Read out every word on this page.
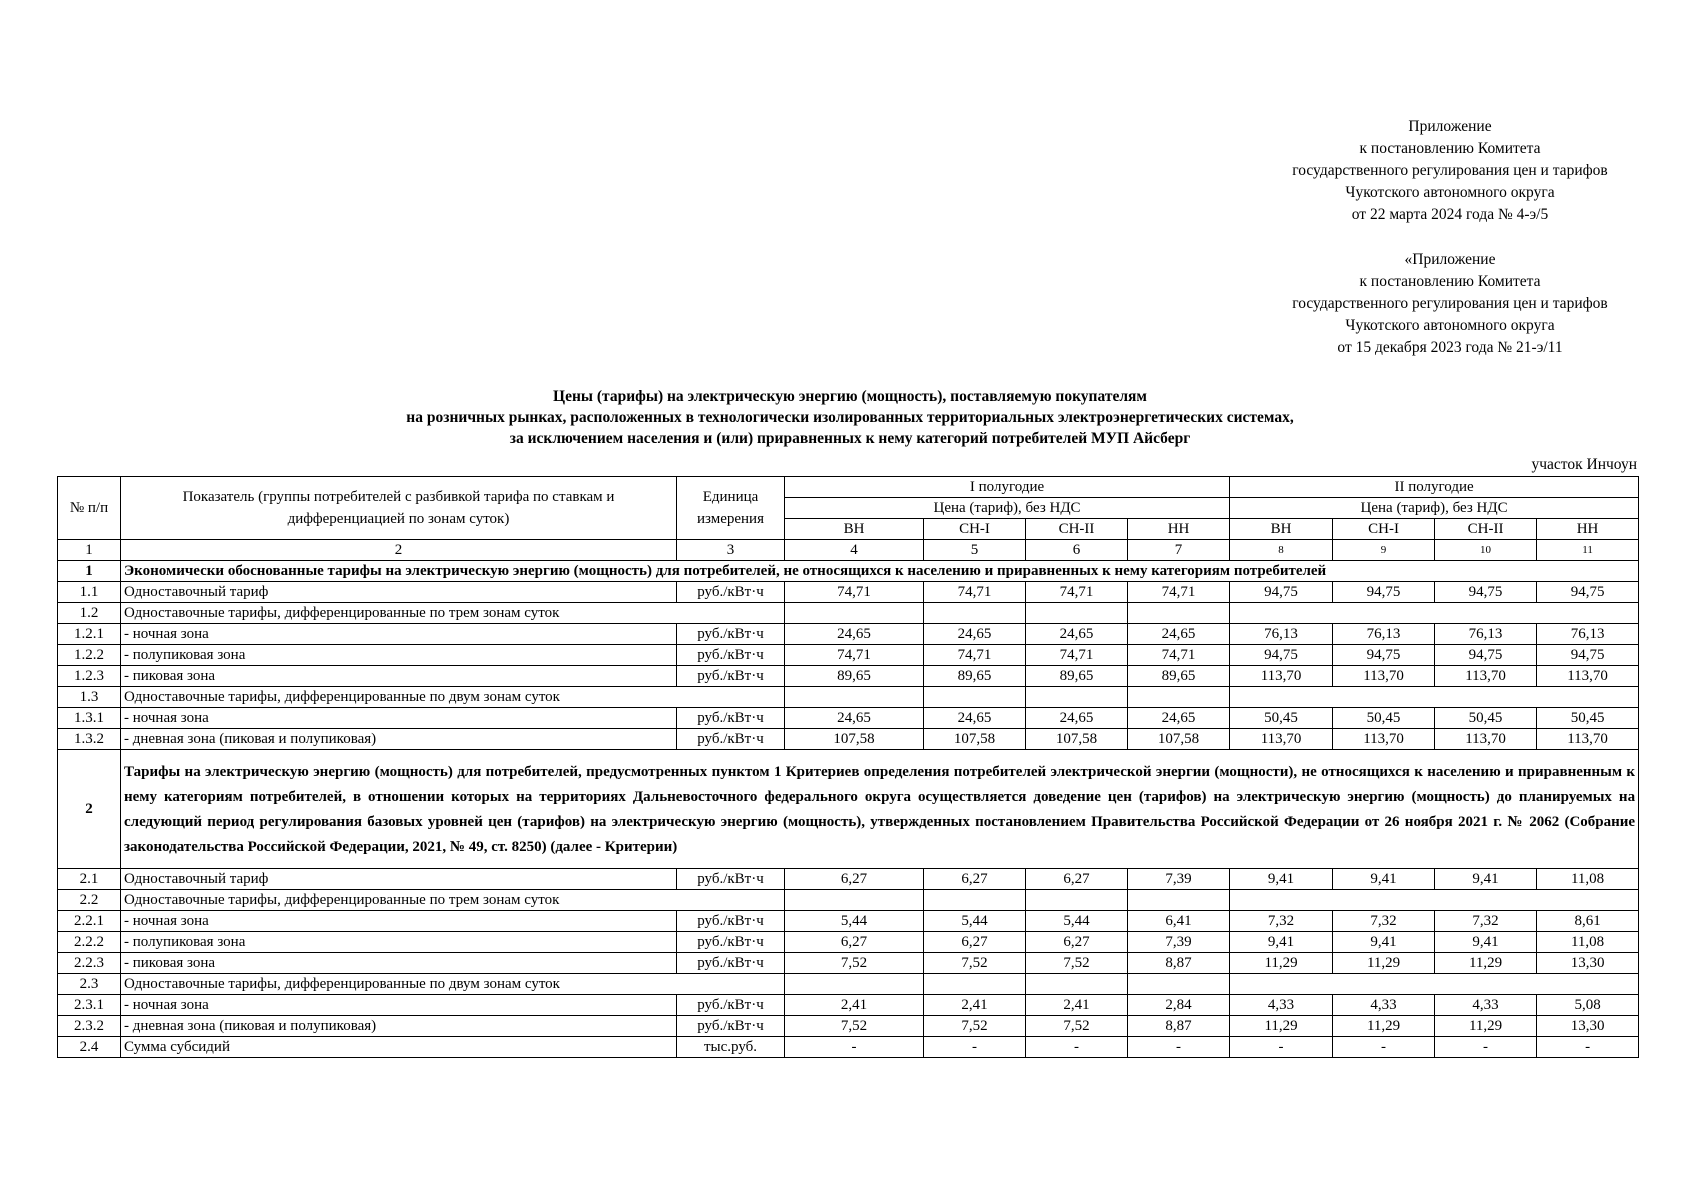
Приложение
к постановлению Комитета
государственного регулирования цен и тарифов
Чукотского автономного округа
от 22 марта 2024 года № 4-э/5
«Приложение
к постановлению Комитета
государственного регулирования цен и тарифов
Чукотского автономного округа
от 15 декабря 2023 года № 21-э/11
Цены (тарифы) на электрическую энергию (мощность), поставляемую покупателям
на розничных рынках, расположенных в технологически изолированных территориальных электроэнергетических системах,
за исключением населения и (или) приравненных к нему категорий потребителей МУП Айсберг
участок Инчоун
№ п/п	Показатель (группы потребителей с разбивкой тарифа по ставкам и дифференциацией по зонам суток)	Единица измерения	I полугодие				II полугодие			
			Цена (тариф), без НДС				Цена (тариф), без НДС			
			ВН	СН-I	СН-II	НН	ВН	СН-I	СН-II	НН
1	2	3	4	5	6	7	8	9	10	11
1	Экономически обоснованные тарифы на электрическую энергию (мощность) для потребителей, не относящихся к населению и приравненных к нему категориям потребителей									
1.1	Одноставочный тариф	руб./кВт·ч	74,71	74,71	74,71	74,71	94,75	94,75	94,75	94,75
1.2	Одноставочные тарифы, дифференцированные по трем зонам суток									
1.2.1	- ночная зона	руб./кВт·ч	24,65	24,65	24,65	24,65	76,13	76,13	76,13	76,13
1.2.2	- полупиковая зона	руб./кВт·ч	74,71	74,71	74,71	74,71	94,75	94,75	94,75	94,75
1.2.3	- пиковая зона	руб./кВт·ч	89,65	89,65	89,65	89,65	113,70	113,70	113,70	113,70
1.3	Одноставочные тарифы, дифференцированные по двум зонам суток									
1.3.1	- ночная зона	руб./кВт·ч	24,65	24,65	24,65	24,65	50,45	50,45	50,45	50,45
1.3.2	- дневная зона (пиковая и полупиковая)	руб./кВт·ч	107,58	107,58	107,58	107,58	113,70	113,70	113,70	113,70
2	Тарифы на электрическую энергию (мощность) для потребителей, предусмотренных пунктом 1 Критериев определения потребителей электрической энергии (мощности), не относящихся к населению и приравненным к нему категориям потребителей, в отношении которых на территориях Дальневосточного федерального округа осуществляется доведение цен (тарифов) на электрическую энергию (мощность) до планируемых на следующий период регулирования базовых уровней цен (тарифов) на электрическую энергию (мощность), утвержденных постановлением Правительства Российской Федерации от 26 ноября 2021 г. № 2062 (Собрание законодательства Российской Федерации, 2021, № 49, ст. 8250) (далее - Критерии)									
2.1	Одноставочный тариф	руб./кВт·ч	6,27	6,27	6,27	7,39	9,41	9,41	9,41	11,08
2.2	Одноставочные тарифы, дифференцированные по трем зонам суток									
2.2.1	- ночная зона	руб./кВт·ч	5,44	5,44	5,44	6,41	7,32	7,32	7,32	8,61
2.2.2	- полупиковая зона	руб./кВт·ч	6,27	6,27	6,27	7,39	9,41	9,41	9,41	11,08
2.2.3	- пиковая зона	руб./кВт·ч	7,52	7,52	7,52	8,87	11,29	11,29	11,29	13,30
2.3	Одноставочные тарифы, дифференцированные по двум зонам суток									
2.3.1	- ночная зона	руб./кВт·ч	2,41	2,41	2,41	2,84	4,33	4,33	4,33	5,08
2.3.2	- дневная зона (пиковая и полупиковая)	руб./кВт·ч	7,52	7,52	7,52	8,87	11,29	11,29	11,29	13,30
2.4	Сумма субсидий	тыс.руб.	-	-	-	-	-	-	-	-
